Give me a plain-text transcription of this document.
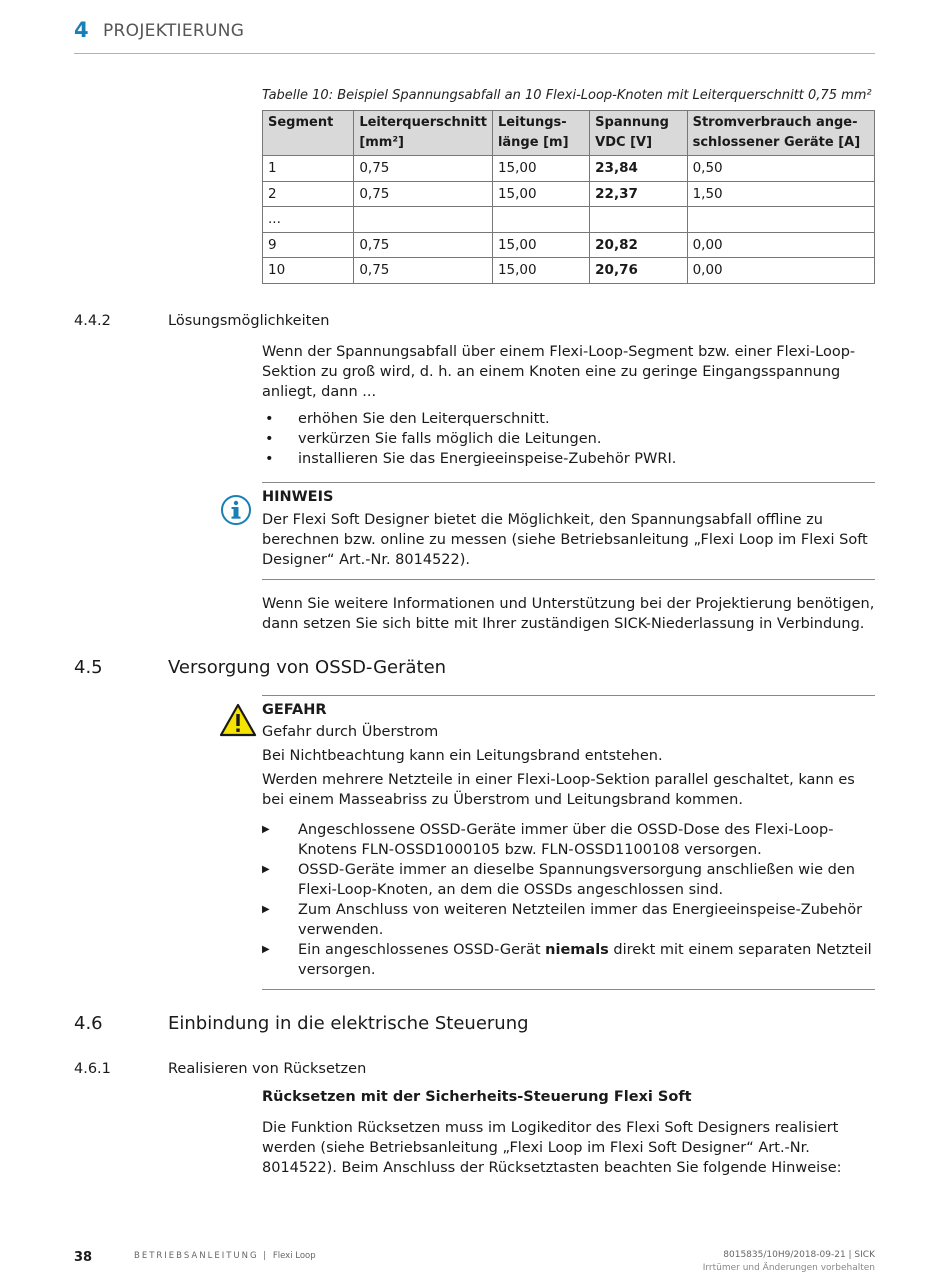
4 PROJEKTIERUNG
Tabelle 10: Beispiel Spannungsabfall an 10 Flexi-Loop-Knoten mit Leiterquerschnitt 0,75 mm²
Segment	Leiterquerschnitt [mm²]	Leitungs- länge [m]	Spannung VDC [V]	Stromverbrauch ange- schlossener Geräte [A]
1	0,75	15,00	23,84	0,50
2	0,75	15,00	22,37	1,50
...				
9	0,75	15,00	20,82	0,00
10	0,75	15,00	20,76	0,00
4.4.2	Lösungsmöglichkeiten
Wenn der Spannungsabfall über einem Flexi-Loop-Segment bzw. einer Flexi-Loop-Sektion zu groß wird, d. h. an einem Knoten eine zu geringe Eingangsspannung anliegt, dann ...
• erhöhen Sie den Leiterquerschnitt.
• verkürzen Sie falls möglich die Leitungen.
• installieren Sie das Energieeinspeise-Zubehör PWRI.
HINWEIS
Der Flexi Soft Designer bietet die Möglichkeit, den Spannungsabfall offline zu berechnen bzw. online zu messen (siehe Betriebsanleitung „Flexi Loop im Flexi Soft Designer“ Art.-Nr. 8014522).
Wenn Sie weitere Informationen und Unterstützung bei der Projektierung benötigen, dann setzen Sie sich bitte mit Ihrer zuständigen SICK-Niederlassung in Verbindung.
4.5	Versorgung von OSSD-Geräten
GEFAHR
Gefahr durch Überstrom
Bei Nichtbeachtung kann ein Leitungsbrand entstehen.
Werden mehrere Netzteile in einer Flexi-Loop-Sektion parallel geschaltet, kann es bei einem Masseabriss zu Überstrom und Leitungsbrand kommen.
▶ Angeschlossene OSSD-Geräte immer über die OSSD-Dose des Flexi-Loop-Knotens FLN-OSSD1000105 bzw. FLN-OSSD1100108 versorgen.
▶ OSSD-Geräte immer an dieselbe Spannungsversorgung anschließen wie den Flexi-Loop-Knoten, an dem die OSSDs angeschlossen sind.
▶ Zum Anschluss von weiteren Netzteilen immer das Energieeinspeise-Zubehör verwenden.
▶ Ein angeschlossenes OSSD-Gerät niemals direkt mit einem separaten Netzteil versorgen.
4.6	Einbindung in die elektrische Steuerung
4.6.1	Realisieren von Rücksetzen
Rücksetzen mit der Sicherheits-Steuerung Flexi Soft
Die Funktion Rücksetzen muss im Logikeditor des Flexi Soft Designers realisiert werden (siehe Betriebsanleitung „Flexi Loop im Flexi Soft Designer“ Art.-Nr. 8014522). Beim Anschluss der Rücksetztasten beachten Sie folgende Hinweise:
38	BETRIEBSANLEITUNG | Flexi Loop	8015835/10H9/2018-09-21 | SICK
Irrtümer und Änderungen vorbehalten
